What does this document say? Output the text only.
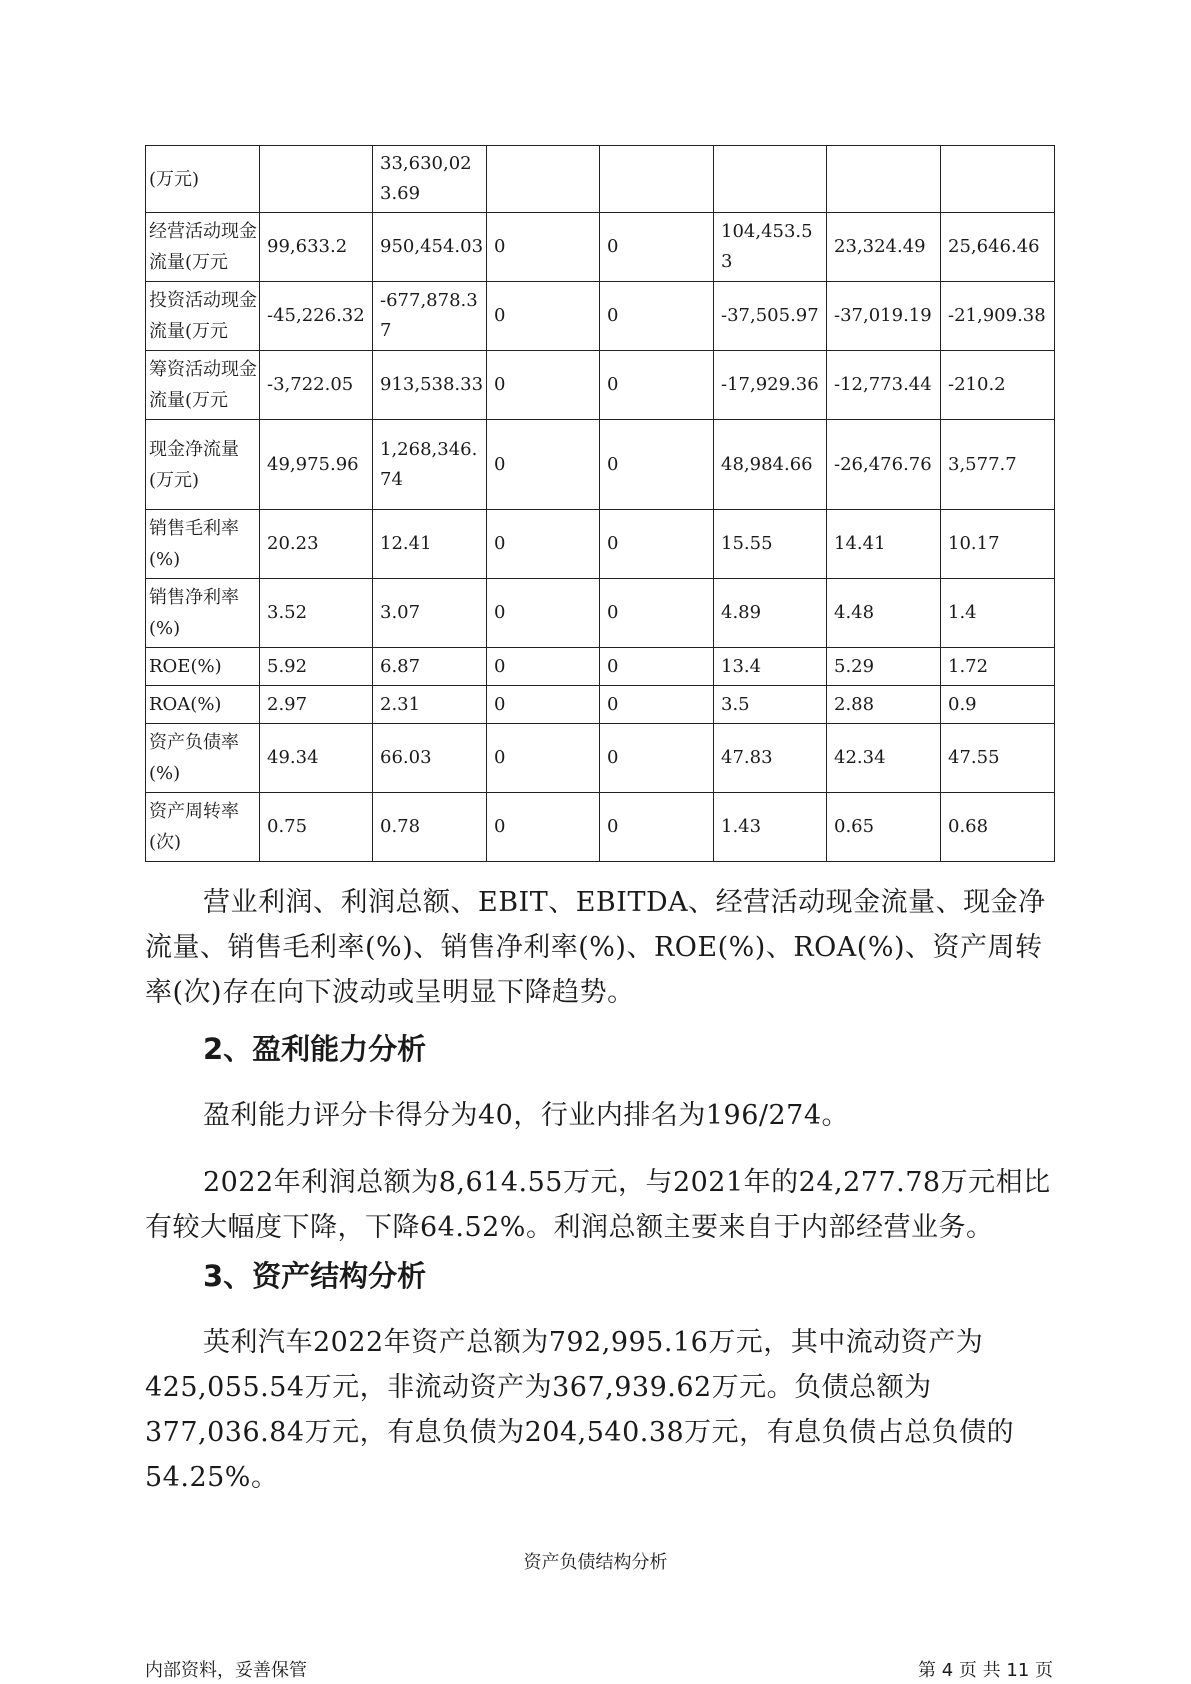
(万元)		33,630,023.69					
经营活动现金流量(万元	99,633.2	950,454.03	0	0	104,453.53	23,324.49	25,646.46
投资活动现金流量(万元	-45,226.32	-677,878.37	0	0	-37,505.97	-37,019.19	-21,909.38
筹资活动现金流量(万元	-3,722.05	913,538.33	0	0	-17,929.36	-12,773.44	-210.2
现金净流量(万元)	49,975.96	1,268,346.74	0	0	48,984.66	-26,476.76	3,577.7
销售毛利率(%)	20.23	12.41	0	0	15.55	14.41	10.17
销售净利率(%)	3.52	3.07	0	0	4.89	4.48	1.4
ROE(%)	5.92	6.87	0	0	13.4	5.29	1.72
ROA(%)	2.97	2.31	0	0	3.5	2.88	0.9
资产负债率(%)	49.34	66.03	0	0	47.83	42.34	47.55
资产周转率(次)	0.75	0.78	0	0	1.43	0.65	0.68

营业利润、利润总额、EBIT、EBITDA、经营活动现金流量、现金净流量、销售毛利率(%)、销售净利率(%)、ROE(%)、ROA(%)、资产周转率(次)存在向下波动或呈明显下降趋势。

2、盈利能力分析

盈利能力评分卡得分为40，行业内排名为196/274。

2022年利润总额为8,614.55万元，与2021年的24,277.78万元相比有较大幅度下降，下降64.52%。利润总额主要来自于内部经营业务。

3、资产结构分析

英利汽车2022年资产总额为792,995.16万元，其中流动资产为425,055.54万元，非流动资产为367,939.62万元。负债总额为377,036.84万元，有息负债为204,540.38万元，有息负债占总负债的54.25%。

资产负债结构分析
内部资料，妥善保管	第 4 页 共 11 页
